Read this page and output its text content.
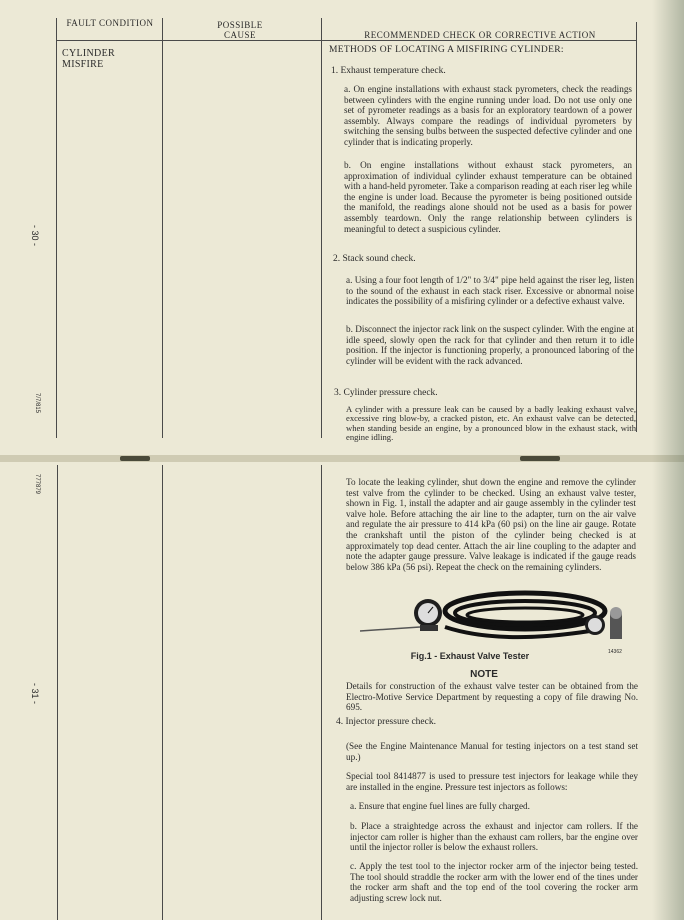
FAULT CONDITION	POSSIBLE CAUSE	RECOMMENDED CHECK OR CORRECTIVE ACTION
CYLINDER MISFIRE
METHODS OF LOCATING A MISFIRING CYLINDER:
1. Exhaust temperature check.
a. On engine installations with exhaust stack pyrometers, check the readings between cylinders with the engine running under load. Do not use only one set of pyrometer readings as a basis for an exploratory teardown of a power assembly. Always compare the readings of individual pyrometers by switching the sensing bulbs between the suspected defective cylinder and one cylinder that is indicating properly.
b. On engine installations without exhaust stack pyrometers, an approximation of individual cylinder exhaust temperature can be obtained with a hand-held pyrometer. Take a comparison reading at each riser leg while the engine is under load. Because the pyrometer is being positioned outside the manifold, the readings alone should not be used as a basis for power assembly teardown. Only the range relationship between cylinders is meaningful to detect a suspicious cylinder.
2. Stack sound check.
a. Using a four foot length of 1/2" to 3/4" pipe held against the riser leg, listen to the sound of the exhaust in each stack riser. Excessive or abnormal noise indicates the possibility of a misfiring cylinder or a defective exhaust valve.
b. Disconnect the injector rack link on the suspect cylinder. With the engine at idle speed, slowly open the rack for that cylinder and then return it to idle position. If the injector is functioning properly, a pronounced laboring of the cylinder will be evident with the rack advanced.
3. Cylinder pressure check.
A cylinder with a pressure leak can be caused by a badly leaking exhaust valve, excessive ring blow-by, a cracked piston, etc. An exhaust valve can be detected, when standing beside an engine, by a pronounced blow in the exhaust stack, with engine idling.
- 30 -
7/7/815
To locate the leaking cylinder, shut down the engine and remove the cylinder test valve from the cylinder to be checked. Using an exhaust valve tester, shown in Fig. 1, install the adapter and air gauge assembly in the cylinder test valve hole. Before attaching the air line to the adapter, turn on the air valve and regulate the air pressure to 414 kPa (60 psi) on the line air gauge. Rotate the crankshaft until the piston of the cylinder being checked is at approximately top dead center. Attach the air line coupling to the adapter and note the adapter gauge pressure. Valve leakage is indicated if the gauge reads below 386 kPa (56 psi). Repeat the check on the remaining cylinders.
14362
Fig.1 - Exhaust Valve Tester
NOTE
Details for construction of the exhaust valve tester can be obtained from the Electro-Motive Service Department by requesting a copy of file drawing No. 695.
4. Injector pressure check.
(See the Engine Maintenance Manual for testing injectors on a test stand set up.)
Special tool 8414877 is used to pressure test injectors for leakage while they are installed in the engine. Pressure test injectors as follows:
a. Ensure that engine fuel lines are fully charged.
b. Place a straightedge across the exhaust and injector cam rollers. If the injector cam roller is higher than the exhaust cam rollers, bar the engine over until the injector roller is below the exhaust rollers.
c. Apply the test tool to the injector rocker arm of the injector being tested. The tool should straddle the rocker arm with the lower end of the tines under the rocker arm shaft and the top end of the tool covering the rocker arm adjusting screw lock nut.
- 31 -
777879
